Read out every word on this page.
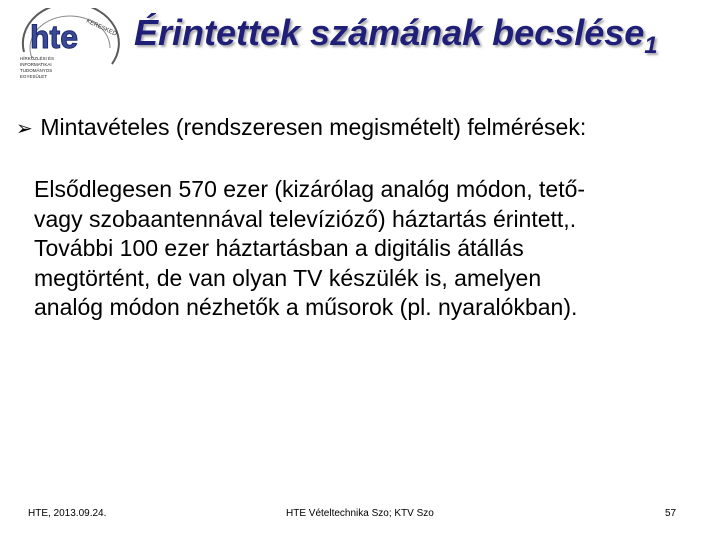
hte KERESKED
HÍRKÖZLÉSI ÉS
INFORMATIKAI
TUDOMÁNYOS
EGYESÜLET
Érintettek számának becslése$_1$
➢ Mintavételes (rendszeresen megismételt) felmérések:
Elsődlegesen 570 ezer (kizárólag analóg módon, tető-
vagy szobaantennával televízióző) háztartás érintett,.
További 100 ezer háztartásban a digitális átállás
megtörtént, de van olyan TV készülék is, amelyen
analóg módon nézhetők a műsorok (pl. nyaralókban).
HTE, 2013.09.24.	HTE Vételtechnika Szo; KTV Szo	57
